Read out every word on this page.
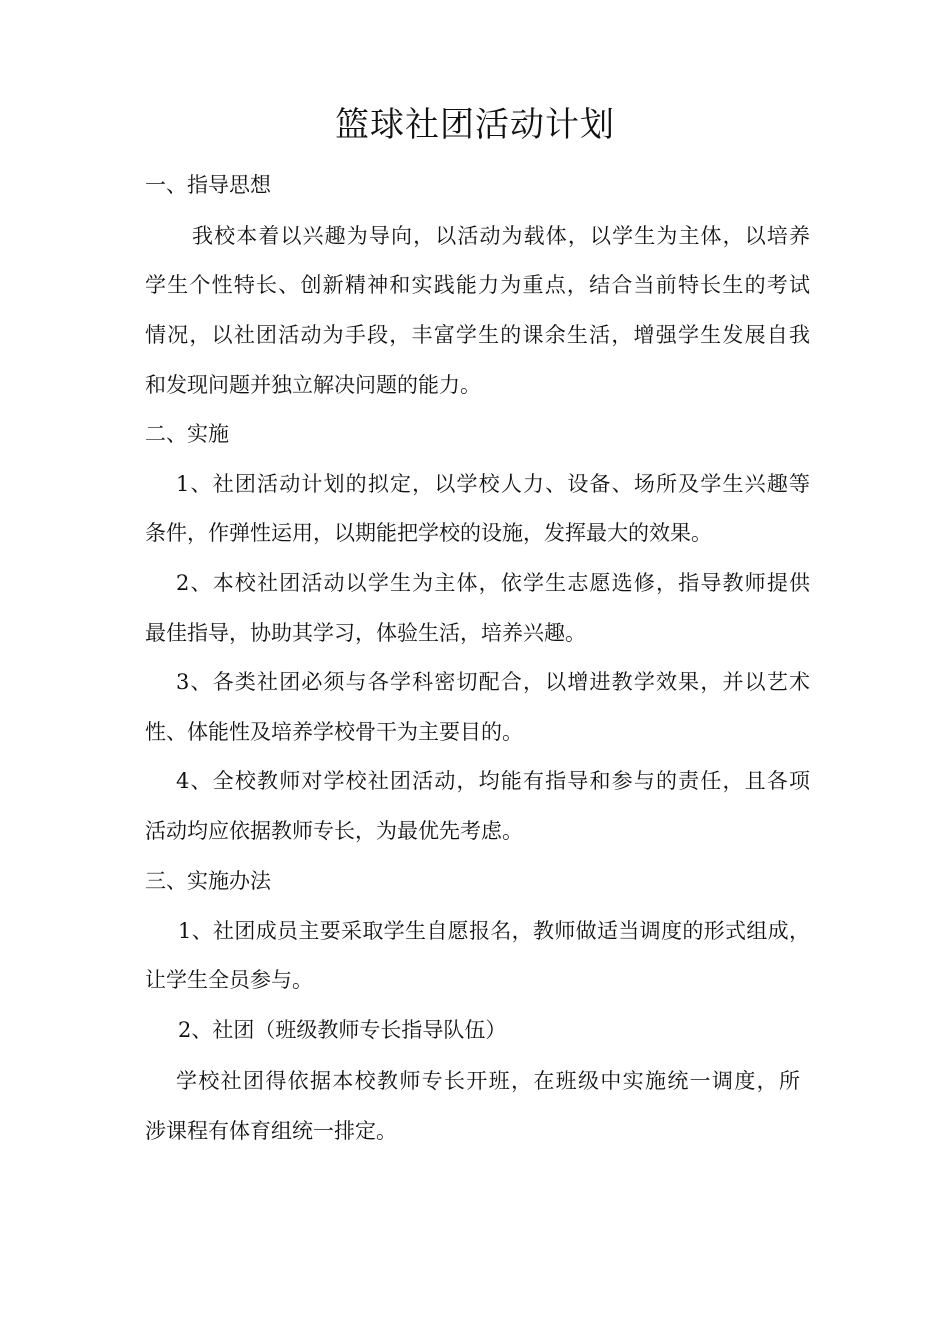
篮球社团活动计划
一、指导思想
我校本着以兴趣为导向，以活动为载体，以学生为主体，以培养
学生个性特长、创新精神和实践能力为重点，结合当前特长生的考试
情况，以社团活动为手段，丰富学生的课余生活，增强学生发展自我
和发现问题并独立解决问题的能力。
二、实施
1、社团活动计划的拟定，以学校人力、设备、场所及学生兴趣等
条件，作弹性运用，以期能把学校的设施，发挥最大的效果。
2、本校社团活动以学生为主体，依学生志愿选修，指导教师提供
最佳指导，协助其学习，体验生活，培养兴趣。
3、各类社团必须与各学科密切配合，以增进教学效果，并以艺术
性、体能性及培养学校骨干为主要目的。
4、全校教师对学校社团活动，均能有指导和参与的责任，且各项
活动均应依据教师专长，为最优先考虑。
三、实施办法
1、社团成员主要采取学生自愿报名，教师做适当调度的形式组成，
让学生全员参与。
2、社团（班级教师专长指导队伍）
学校社团得依据本校教师专长开班，在班级中实施统一调度，所
涉课程有体育组统一排定。
